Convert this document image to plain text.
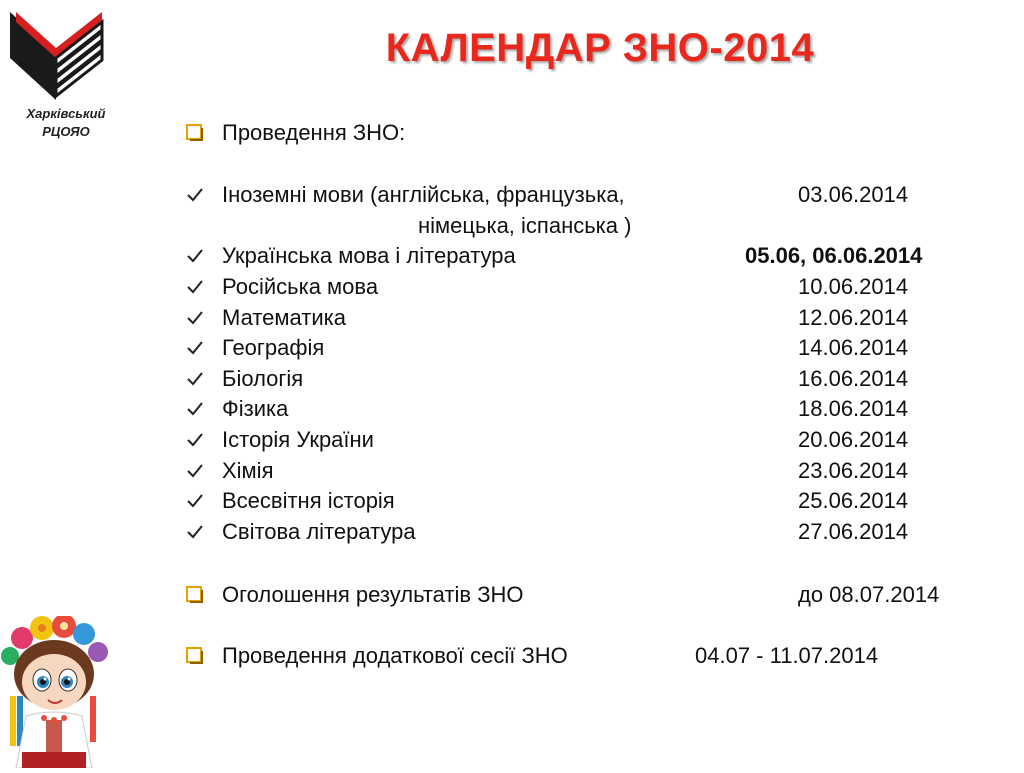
Харківський
РЦОЯО
КАЛЕНДАР ЗНО-2014
Проведення ЗНО:
Іноземні мови (англійська, французька,	03.06.2014
німецька, іспанська )
Українська мова і література	05.06, 06.06.2014
Російська мова	10.06.2014
Математика	12.06.2014
Географія	14.06.2014
Біологія	16.06.2014
Фізика	18.06.2014
Історія України	20.06.2014
Хімія	23.06.2014
Всесвітня історія	25.06.2014
Світова література	27.06.2014
Оголошення результатів ЗНО	до 08.07.2014
Проведення додаткової сесії ЗНО	04.07 - 11.07.2014
